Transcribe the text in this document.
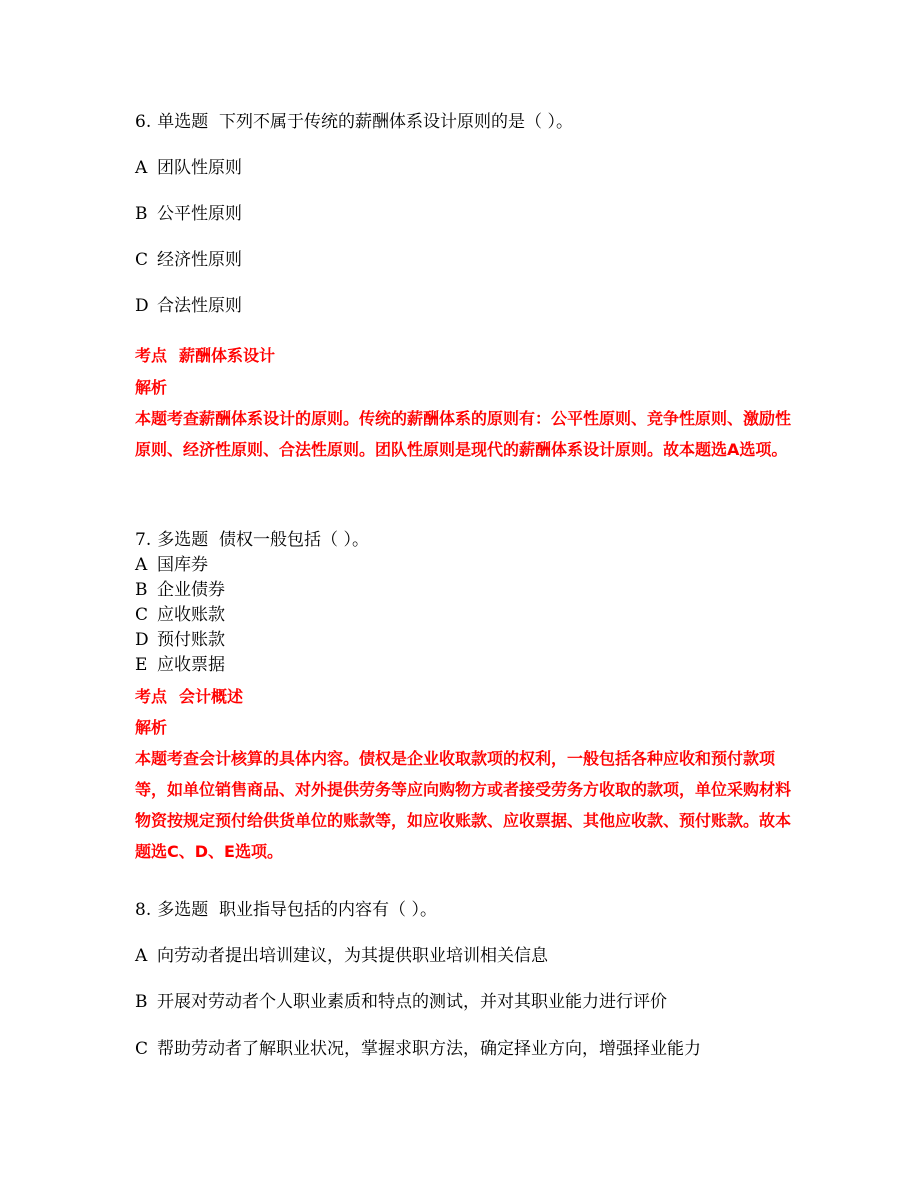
6. 单选题 下列不属于传统的薪酬体系设计原则的是（ ）。
A 团队性原则
B 公平性原则
C 经济性原则
D 合法性原则
考点 薪酬体系设计
解析
本题考查薪酬体系设计的原则。传统的薪酬体系的原则有：公平性原则、竞争性原则、激励性原则、经济性原则、合法性原则。团队性原则是现代的薪酬体系设计原则。故本题选A选项。
7. 多选题 债权一般包括（ ）。
A 国库券
B 企业债券
C 应收账款
D 预付账款
E 应收票据
考点 会计概述
解析
本题考查会计核算的具体内容。债权是企业收取款项的权利，一般包括各种应收和预付款项等，如单位销售商品、对外提供劳务等应向购物方或者接受劳务方收取的款项，单位采购材料物资按规定预付给供货单位的账款等，如应收账款、应收票据、其他应收款、预付账款。故本题选C、D、E选项。
8. 多选题 职业指导包括的内容有（ ）。
A 向劳动者提出培训建议，为其提供职业培训相关信息
B 开展对劳动者个人职业素质和特点的测试，并对其职业能力进行评价
C 帮助劳动者了解职业状况，掌握求职方法，确定择业方向，增强择业能力
